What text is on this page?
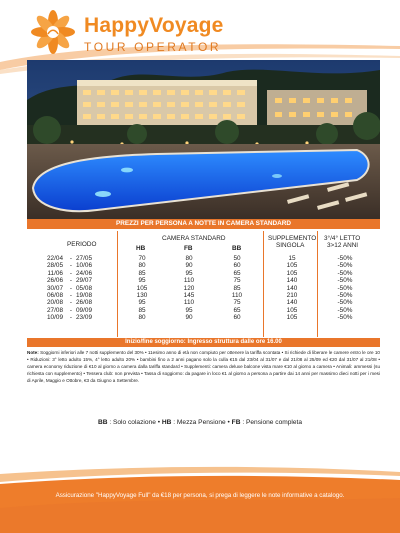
HappyVoyage
TOUR OPERATOR
PREZZI PER PERSONA A NOTTE IN CAMERA STANDARD
PERIODO
CAMERA STANDARD
HB	FB	BB
SUPPLEMENTO
SINGOLA
3°/4° LETTO
3>12 ANNI
22/04	- 27/05	70	80	50	15	-50%
28/05	- 10/06	80	90	60	105	-50%
11/06	- 24/06	85	95	65	105	-50%
26/06	- 29/07	95	110	75	140	-50%
30/07	- 05/08	105	120	85	140	-50%
06/08	- 19/08	130	145	110	210	-50%
20/08	- 26/08	95	110	75	140	-50%
27/08	- 09/09	85	95	65	105	-50%
10/09	- 23/09	80	90	60	105	-50%
Inizio/fine soggiorno: Ingresso struttura dalle ore 16.00
Note: Soggiorni inferiori alle 7 notti supplemento del 30% • 11esimo anno di età non compiuto per ottenere la tariffa scontata • Si richiede di liberare le camere entro le ore 10 • Riduzioni: 3° letto adulto 15%, 4° letto adulto 20% • bambini fino a 2 anni pagano solo la culla €15 dal 23/04 al 31/07 e dal 21/08 al 25/09 ed €20 dal 31/07 al 21/08 • camera economy riduzione di €10 al giorno a camera dalla tariffa standard • Supplementi: camera deluxe balcone vista mare €10 al giorno a camera • Animali: ammessi (su richiesta con supplemento) • Tessera club: non prevista • Tassa di soggiorno: da pagare in loco €1 al giorno a persona a partire dai 14 anni per massimo dieci notti per i mesi di Aprile, Maggio e Ottobre, €3 da Giugno a Settembre.
BB : Solo colazione • HB : Mezza Pensione • FB : Pensione completa
Assicurazione "HappyVoyage Full" da €18 per persona, si prega di leggere le note informative a catalogo.
